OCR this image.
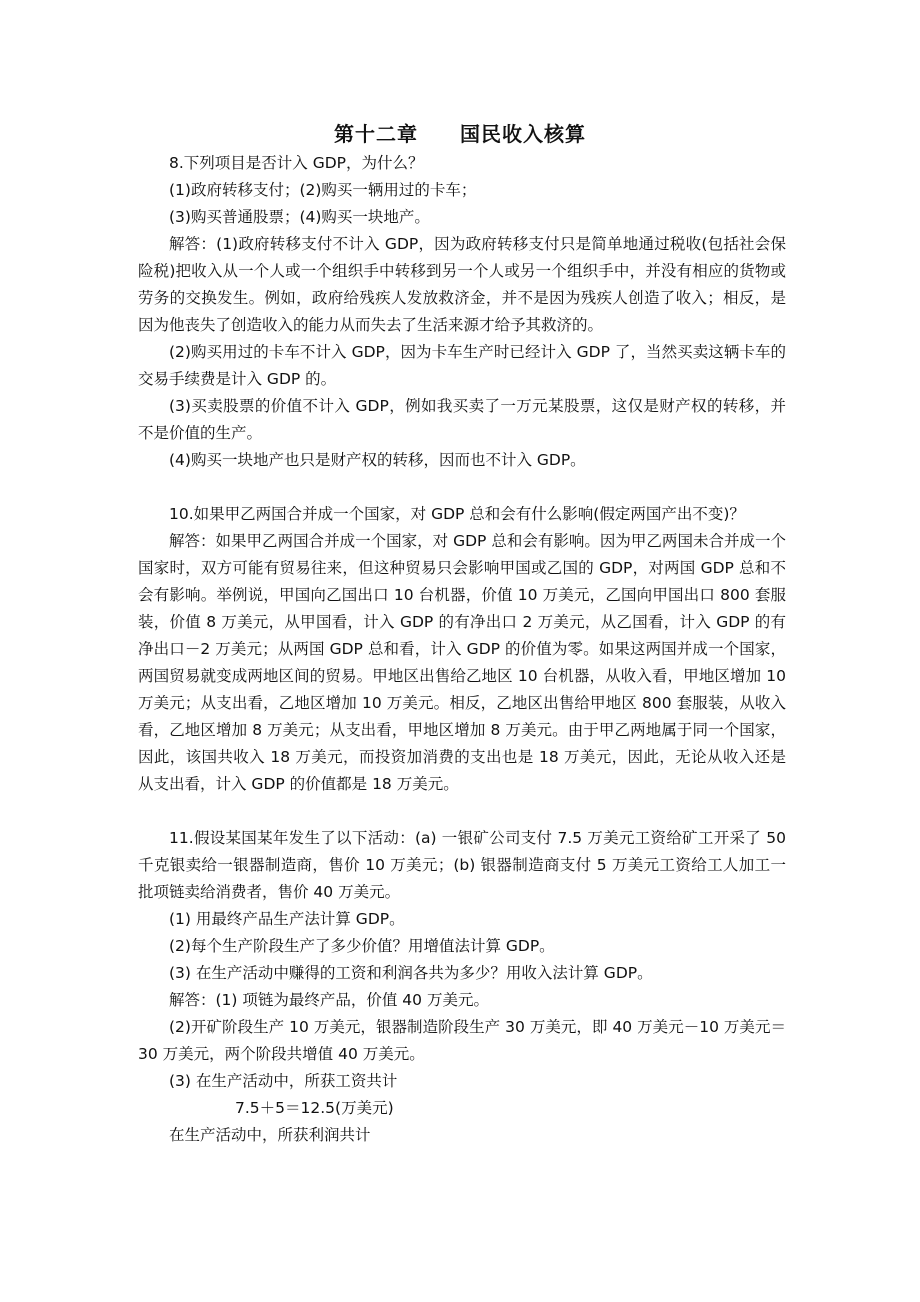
第十二章　　国民收入核算

8.下列项目是否计入 GDP，为什么？

(1)政府转移支付；(2)购买一辆用过的卡车；

(3)购买普通股票；(4)购买一块地产。

解答：(1)政府转移支付不计入 GDP，因为政府转移支付只是简单地通过税收(包括社会保险税)把收入从一个人或一个组织手中转移到另一个人或另一个组织手中，并没有相应的货物或劳务的交换发生。例如，政府给残疾人发放救济金，并不是因为残疾人创造了收入；相反，是因为他丧失了创造收入的能力从而失去了生活来源才给予其救济的。

(2)购买用过的卡车不计入 GDP，因为卡车生产时已经计入 GDP 了，当然买卖这辆卡车的交易手续费是计入 GDP 的。

(3)买卖股票的价值不计入 GDP，例如我买卖了一万元某股票，这仅是财产权的转移，并不是价值的生产。

(4)购买一块地产也只是财产权的转移，因而也不计入 GDP。

10.如果甲乙两国合并成一个国家，对 GDP 总和会有什么影响(假定两国产出不变)？

解答：如果甲乙两国合并成一个国家，对 GDP 总和会有影响。因为甲乙两国未合并成一个国家时，双方可能有贸易往来，但这种贸易只会影响甲国或乙国的 GDP，对两国 GDP 总和不会有影响。举例说，甲国向乙国出口 10 台机器，价值 10 万美元，乙国向甲国出口 800 套服装，价值 8 万美元，从甲国看，计入 GDP 的有净出口 2 万美元，从乙国看，计入 GDP 的有净出口－2 万美元；从两国 GDP 总和看，计入 GDP 的价值为零。如果这两国并成一个国家，两国贸易就变成两地区间的贸易。甲地区出售给乙地区 10 台机器，从收入看，甲地区增加 10 万美元；从支出看，乙地区增加 10 万美元。相反，乙地区出售给甲地区 800 套服装，从收入看，乙地区增加 8 万美元；从支出看，甲地区增加 8 万美元。由于甲乙两地属于同一个国家，因此，该国共收入 18 万美元，而投资加消费的支出也是 18 万美元，因此，无论从收入还是从支出看，计入 GDP 的价值都是 18 万美元。

11.假设某国某年发生了以下活动：(a) 一银矿公司支付 7.5 万美元工资给矿工开采了 50 千克银卖给一银器制造商，售价 10 万美元；(b) 银器制造商支付 5 万美元工资给工人加工一批项链卖给消费者，售价 40 万美元。

(1) 用最终产品生产法计算 GDP。

(2)每个生产阶段生产了多少价值？用增值法计算 GDP。

(3) 在生产活动中赚得的工资和利润各共为多少？用收入法计算 GDP。

解答：(1) 项链为最终产品，价值 40 万美元。

(2)开矿阶段生产 10 万美元，银器制造阶段生产 30 万美元，即 40 万美元－10 万美元＝30 万美元，两个阶段共增值 40 万美元。

(3) 在生产活动中，所获工资共计

7.5＋5＝12.5(万美元)

在生产活动中，所获利润共计
